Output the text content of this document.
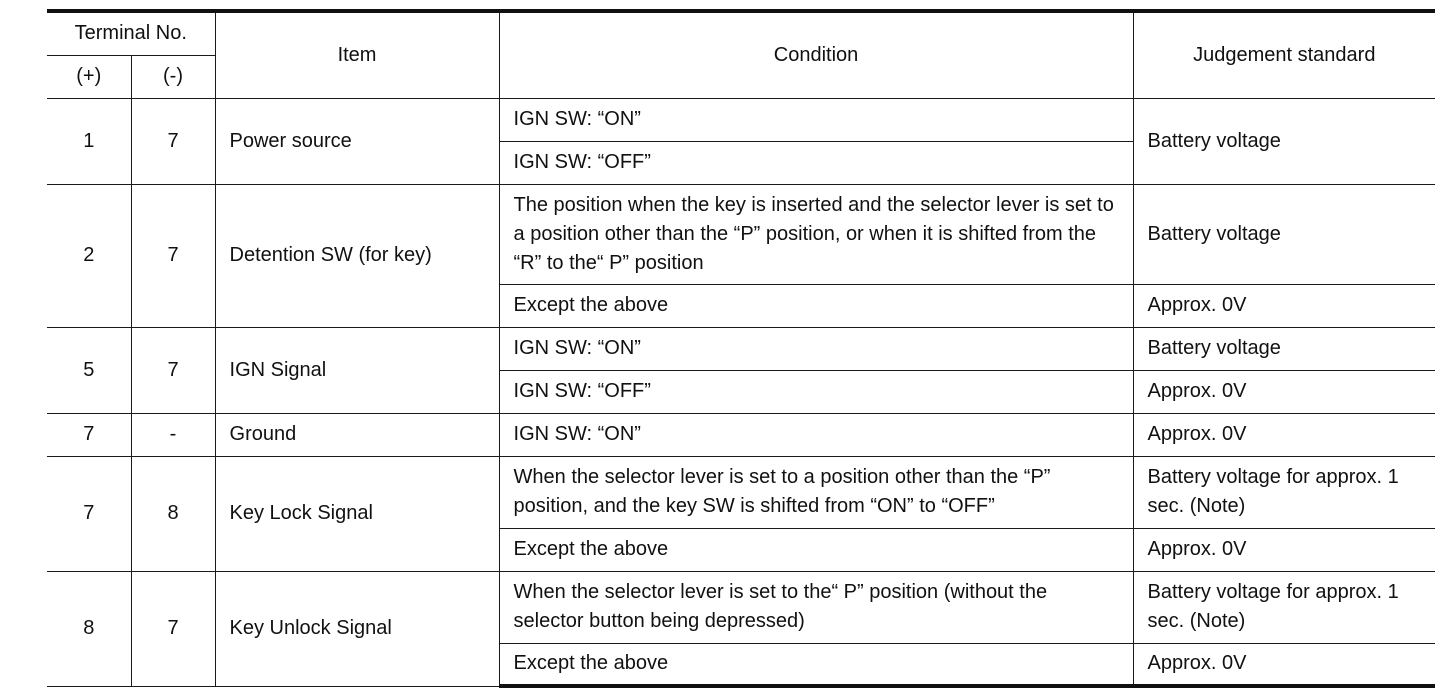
Terminal No.		Item	Condition	Judgement standard
(+)	(-)			
1	7	Power source	IGN SW: “ON”	Battery voltage
			IGN SW: “OFF”	
2	7	Detention SW (for key)	The position when the key is inserted and the selector lever is set to a position other than the “P” position, or when it is shifted from the “R” to the“ P” position	Battery voltage
			Except the above	Approx. 0V
5	7	IGN Signal	IGN SW: “ON”	Battery voltage
			IGN SW: “OFF”	Approx. 0V
7	-	Ground	IGN SW: “ON”	Approx. 0V
7	8	Key Lock Signal	When the selector lever is set to a position other than the “P” position, and the key SW is shifted from “ON” to “OFF”	Battery voltage for approx. 1 sec. (Note)
			Except the above	Approx. 0V
8	7	Key Unlock Signal	When the selector lever is set to the“ P” position (without the selector button being depressed)	Battery voltage for approx. 1 sec. (Note)
			Except the above	Approx. 0V
